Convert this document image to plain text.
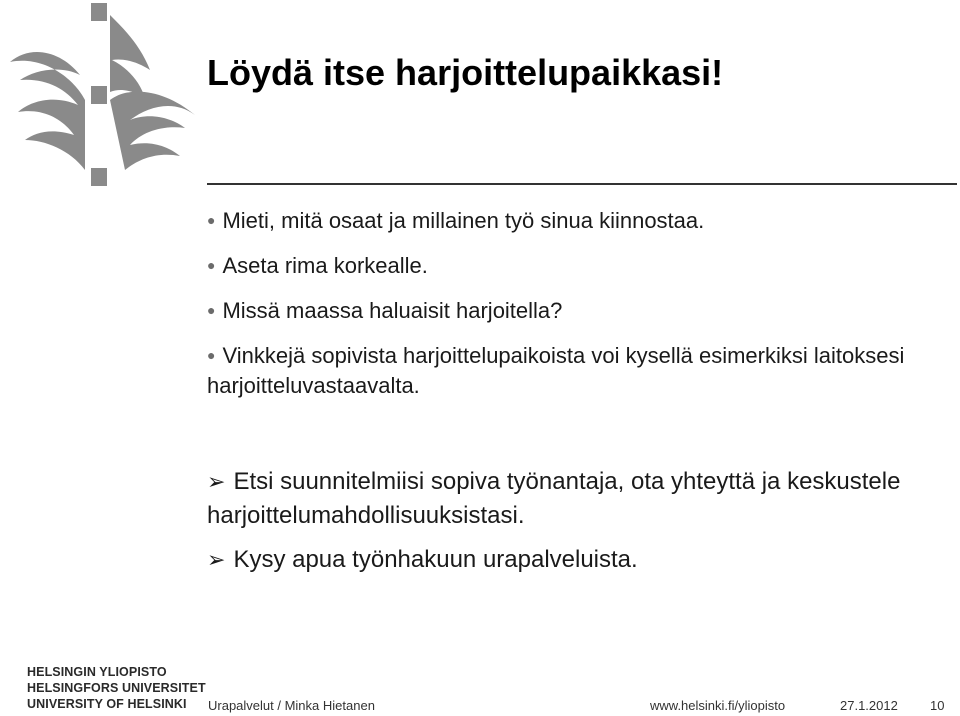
Löydä itse harjoittelupaikkasi!
● Mieti, mitä osaat ja millainen työ sinua kiinnostaa.
● Aseta rima korkealle.
● Missä maassa haluaisit harjoitella?
● Vinkkejä sopivista harjoittelupaikoista voi kysellä esimerkiksi laitoksesi harjoitteluvastaavalta.
➢ Etsi suunnitelmiisi sopiva työnantaja, ota yhteyttä ja keskustele harjoittelumahdollisuuksistasi.
➢ Kysy apua työnhakuun urapalveluista.
HELSINGIN YLIOPISTO
HELSINGFORS UNIVERSITET
UNIVERSITY OF HELSINKI	Urapalvelut / Minka Hietanen	www.helsinki.fi/yliopisto	27.1.2012 10
